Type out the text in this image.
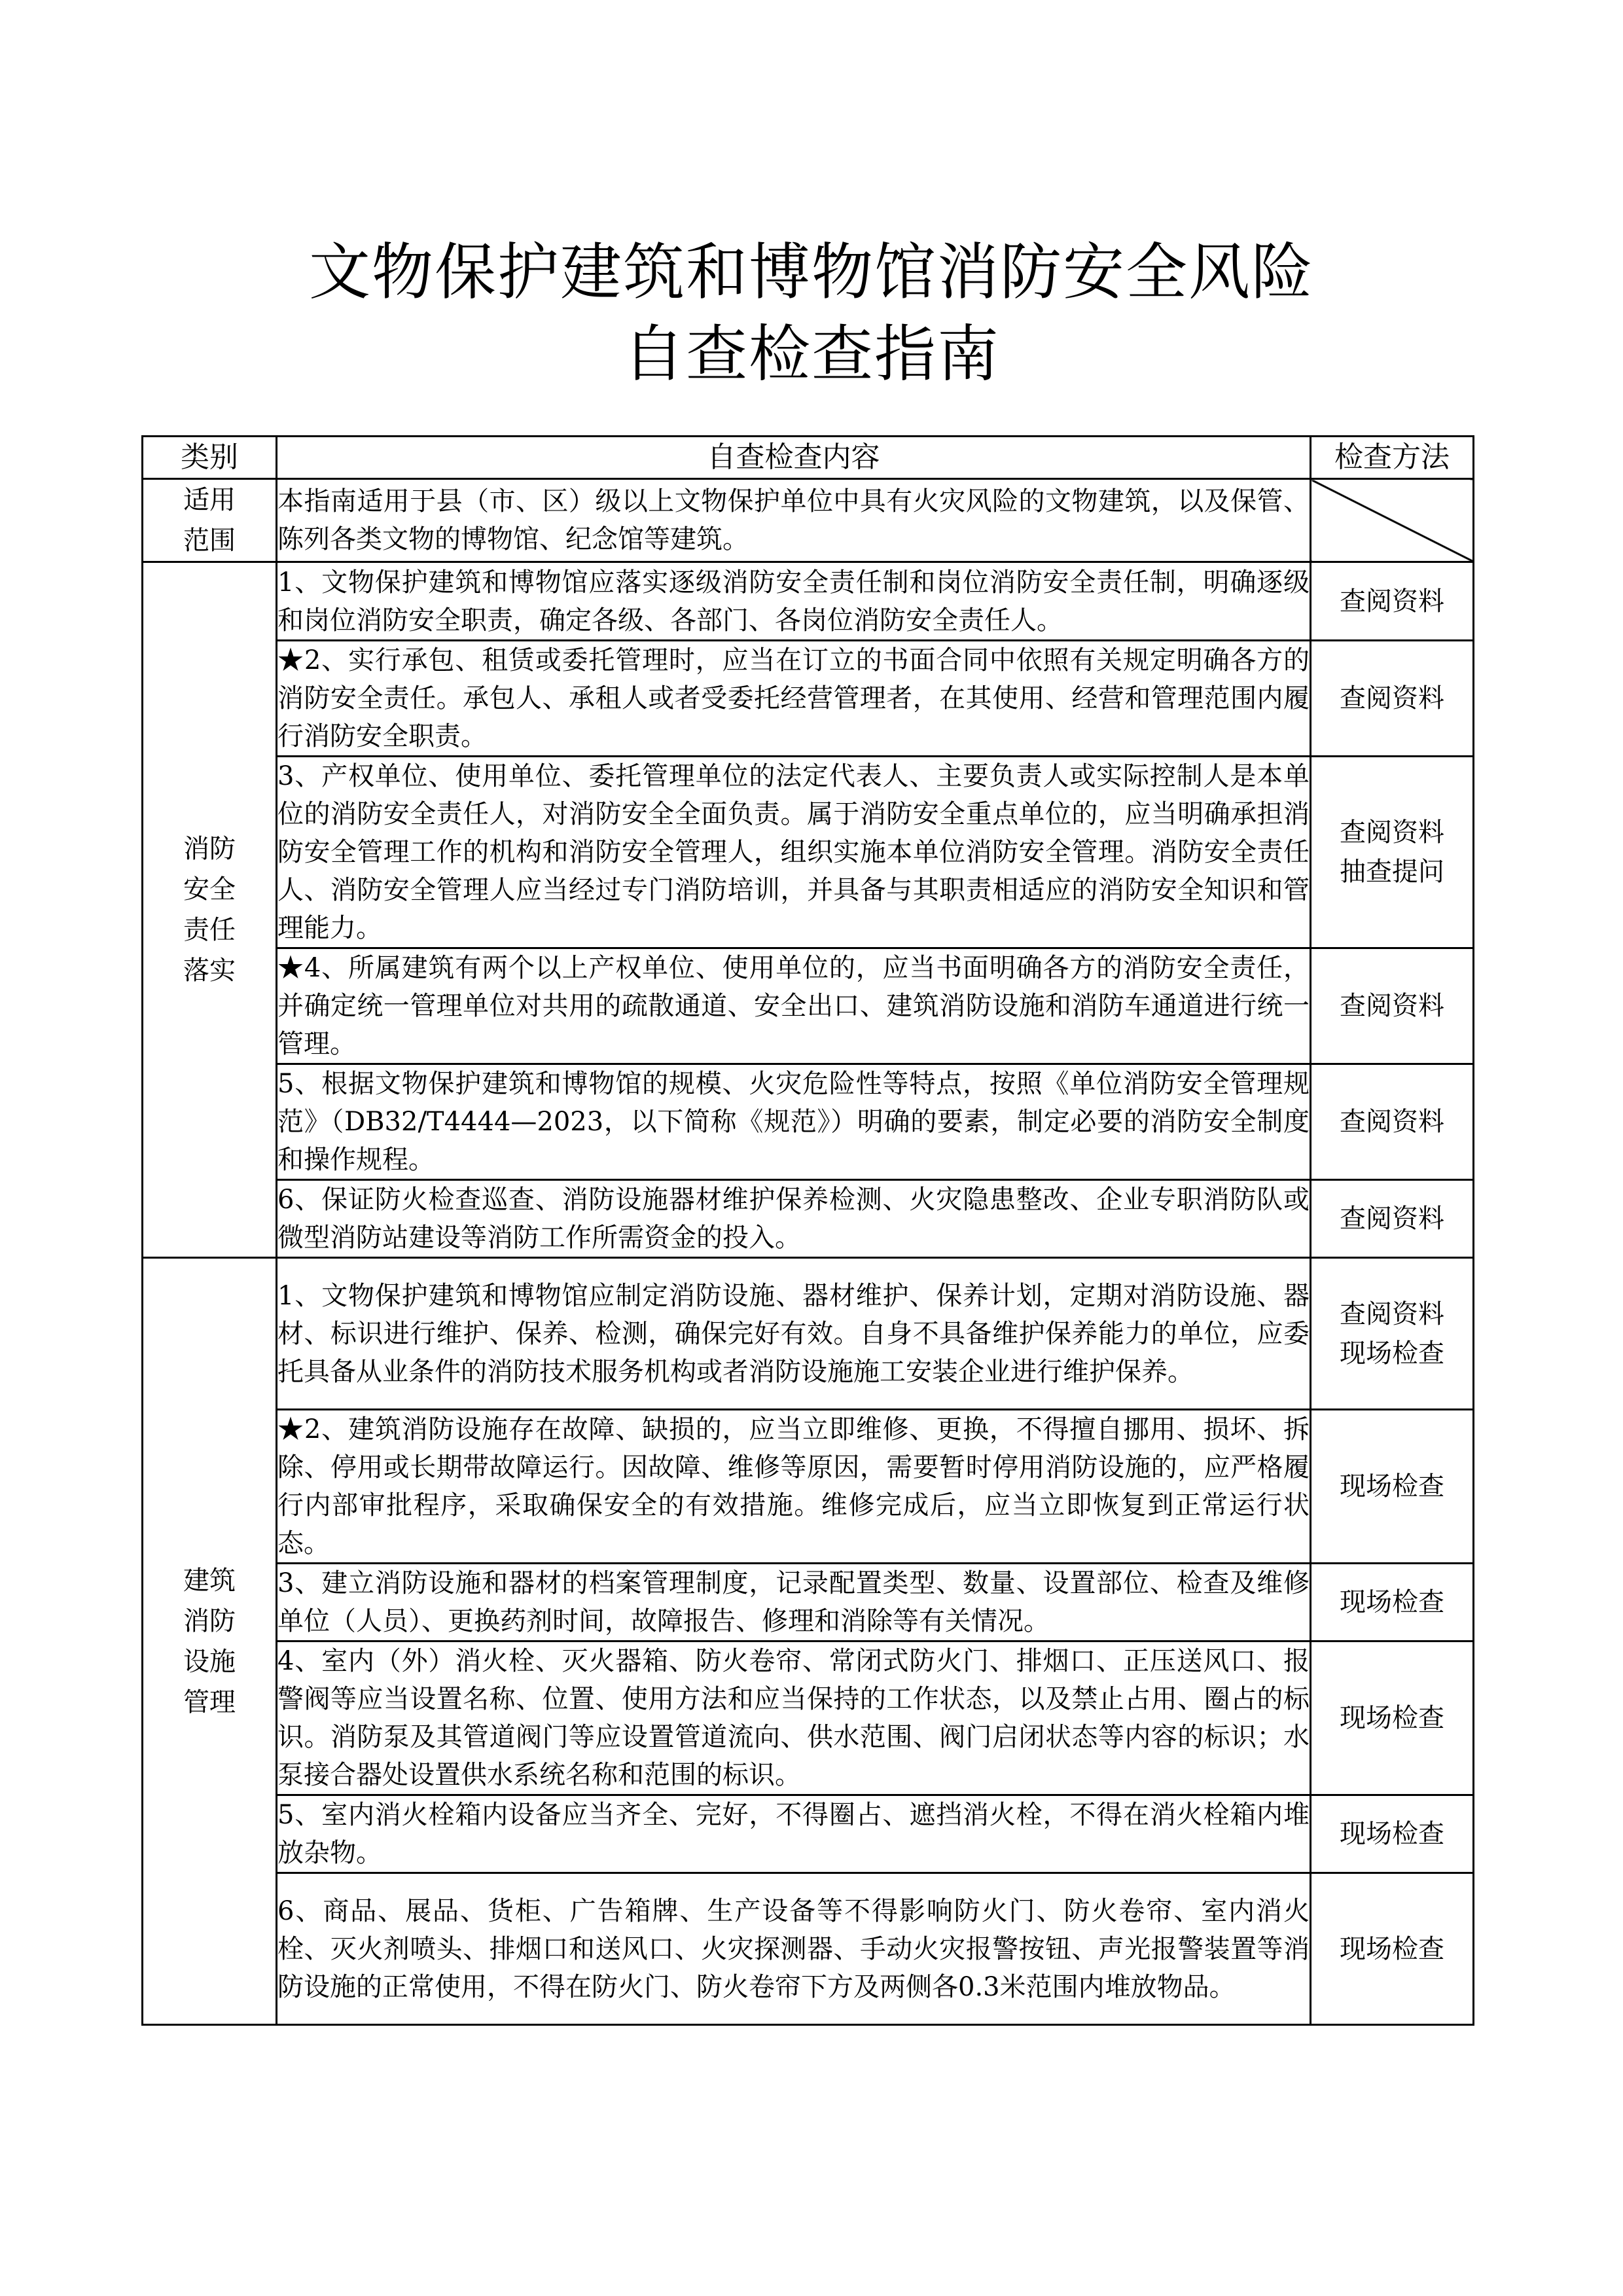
文物保护建筑和博物馆消防安全风险
自查检查指南
类别	自查检查内容	检查方法
适用范围	本指南适用于县（市、区）级以上文物保护单位中具有火灾风险的文物建筑，以及保管、陈列各类文物的博物馆、纪念馆等建筑。	
消防安全责任落实	1、文物保护建筑和博物馆应落实逐级消防安全责任制和岗位消防安全责任制，明确逐级和岗位消防安全职责，确定各级、各部门、各岗位消防安全责任人。	查阅资料

	★2、实行承包、租赁或委托管理时，应当在订立的书面合同中依照有关规定明确各方的消防安全责任。承包人、承租人或者受委托经营管理者，在其使用、经营和管理范围内履行消防安全职责。	查阅资料

	3、产权单位、使用单位、委托管理单位的法定代表人、主要负责人或实际控制人是本单位的消防安全责任人，对消防安全全面负责。属于消防安全重点单位的，应当明确承担消防安全管理工作的机构和消防安全管理人，组织实施本单位消防安全管理。消防安全责任人、消防安全管理人应当经过专门消防培训，并具备与其职责相适应的消防安全知识和管理能力。	查阅资料
抽查提问

	★4、所属建筑有两个以上产权单位、使用单位的，应当书面明确各方的消防安全责任，并确定统一管理单位对共用的疏散通道、安全出口、建筑消防设施和消防车通道进行统一管理。	查阅资料

	5、根据文物保护建筑和博物馆的规模、火灾危险性等特点，按照《单位消防安全管理规范》（DB32/T4444—2023，以下简称《规范》）明确的要素，制定必要的消防安全制度和操作规程。	查阅资料

	6、保证防火检查巡查、消防设施器材维护保养检测、火灾隐患整改、企业专职消防队或微型消防站建设等消防工作所需资金的投入。	查阅资料

建筑消防设施管理	1、文物保护建筑和博物馆应制定消防设施、器材维护、保养计划，定期对消防设施、器材、标识进行维护、保养、检测，确保完好有效。自身不具备维护保养能力的单位，应委托具备从业条件的消防技术服务机构或者消防设施施工安装企业进行维护保养。	查阅资料
现场检查

	★2、建筑消防设施存在故障、缺损的，应当立即维修、更换，不得擅自挪用、损坏、拆除、停用或长期带故障运行。因故障、维修等原因，需要暂时停用消防设施的，应严格履行内部审批程序，采取确保安全的有效措施。维修完成后，应当立即恢复到正常运行状态。	现场检查

	3、建立消防设施和器材的档案管理制度，记录配置类型、数量、设置部位、检查及维修单位（人员）、更换药剂时间，故障报告、修理和消除等有关情况。	现场检查

	4、室内（外）消火栓、灭火器箱、防火卷帘、常闭式防火门、排烟口、正压送风口、报警阀等应当设置名称、位置、使用方法和应当保持的工作状态，以及禁止占用、圈占的标识。消防泵及其管道阀门等应设置管道流向、供水范围、阀门启闭状态等内容的标识；水泵接合器处设置供水系统名称和范围的标识。	现场检查

	5、室内消火栓箱内设备应当齐全、完好，不得圈占、遮挡消火栓，不得在消火栓箱内堆放杂物。	现场检查

	6、商品、展品、货柜、广告箱牌、生产设备等不得影响防火门、防火卷帘、室内消火栓、灭火剂喷头、排烟口和送风口、火灾探测器、手动火灾报警按钮、声光报警装置等消防设施的正常使用，不得在防火门、防火卷帘下方及两侧各0.3米范围内堆放物品。	现场检查
